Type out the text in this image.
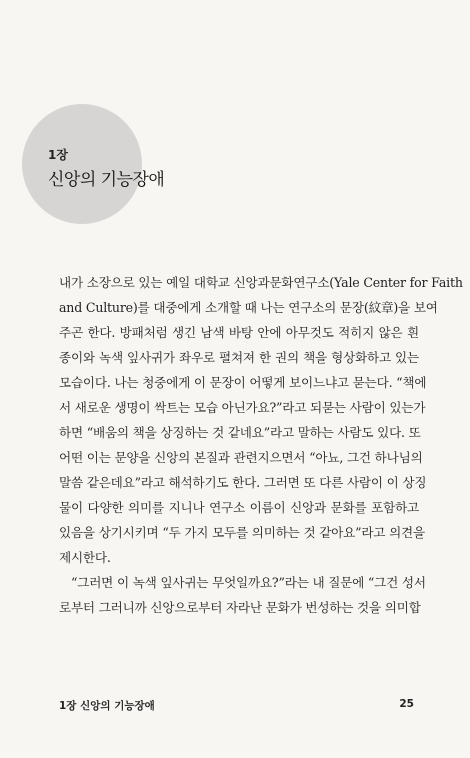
1장
신앙의 기능장애
내가 소장으로 있는 예일 대학교 신앙과문화연구소(Yale Center for Faith
and Culture)를 대중에게 소개할 때 나는 연구소의 문장(紋章)을 보여
주곤 한다. 방패처럼 생긴 남색 바탕 안에 아무것도 적히지 않은 흰
종이와 녹색 잎사귀가 좌우로 펼쳐져 한 권의 책을 형상화하고 있는
모습이다. 나는 청중에게 이 문장이 어떻게 보이느냐고 묻는다. “책에
서 새로운 생명이 싹트는 모습 아닌가요?”라고 되묻는 사람이 있는가
하면 “배움의 책을 상징하는 것 같네요”라고 말하는 사람도 있다. 또
어떤 이는 문양을 신앙의 본질과 관련지으면서 “아뇨, 그건 하나님의
말씀 같은데요”라고 해석하기도 한다. 그러면 또 다른 사람이 이 상징
물이 다양한 의미를 지니나 연구소 이름이 신앙과 문화를 포함하고
있음을 상기시키며 “두 가지 모두를 의미하는 것 같아요”라고 의견을
제시한다.
“그러면 이 녹색 잎사귀는 무엇일까요?”라는 내 질문에 “그건 성서
로부터 그러니까 신앙으로부터 자라난 문화가 번성하는 것을 의미합
1장 신앙의 기능장애	25
